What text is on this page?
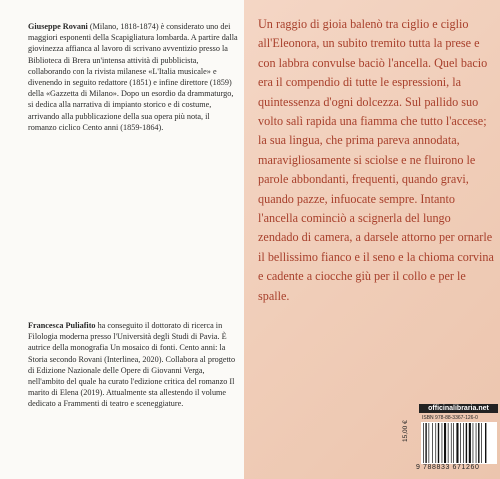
Giuseppe Rovani (Milano, 1818-1874) è considerato uno dei maggiori esponenti della Scapigliatura lombarda. A partire dalla giovinezza affianca al lavoro di scrivano avventizio presso la Biblioteca di Brera un'intensa attività di pubblicista, collaborando con la rivista milanese «L'Italia musicale» e divenendo in seguito redattore (1851) e infine direttore (1859) della «Gazzetta di Milano». Dopo un esordio da drammaturgo, si dedica alla narrativa di impianto storico e di costume, arrivando alla pubblicazione della sua opera più nota, il romanzo ciclico Cento anni (1859-1864).
Francesca Puliafito ha conseguito il dottorato di ricerca in Filologia moderna presso l'Università degli Studi di Pavia. È autrice della monografia Un mosaico di fonti. Cento anni: la Storia secondo Rovani (Interlinea, 2020). Collabora al progetto di Edizione Nazionale delle Opere di Giovanni Verga, nell'ambito del quale ha curato l'edizione critica del romanzo Il marito di Elena (2019). Attualmente sta allestendo il volume dedicato a Frammenti di teatro e sceneggiature.
Un raggio di gioia balenò tra ciglio e ciglio all'Eleonora, un subito tremito tutta la prese e con labbra convulse baciò l'ancella. Quel bacio era il compendio di tutte le espressioni, la quintessenza d'ogni dolcezza. Sul pallido suo volto salì rapida una fiamma che tutto l'accese; la sua lingua, che prima pareva annodata, maravigliosamente si sciolse e ne fluirono le parole abbondanti, frequenti, quando gravi, quando pazze, infuocate sempre. Intanto l'ancella cominciò a scignerla del lungo zendado di camera, a darsele attorno per ornarle il bellissimo fianco e il seno e la chioma corvina e cadente a ciocche giù per il collo e per le spalle.
officinalibraria.net
ISBN 978-88-3367-126-0
15,00 €
9 788833 671260
